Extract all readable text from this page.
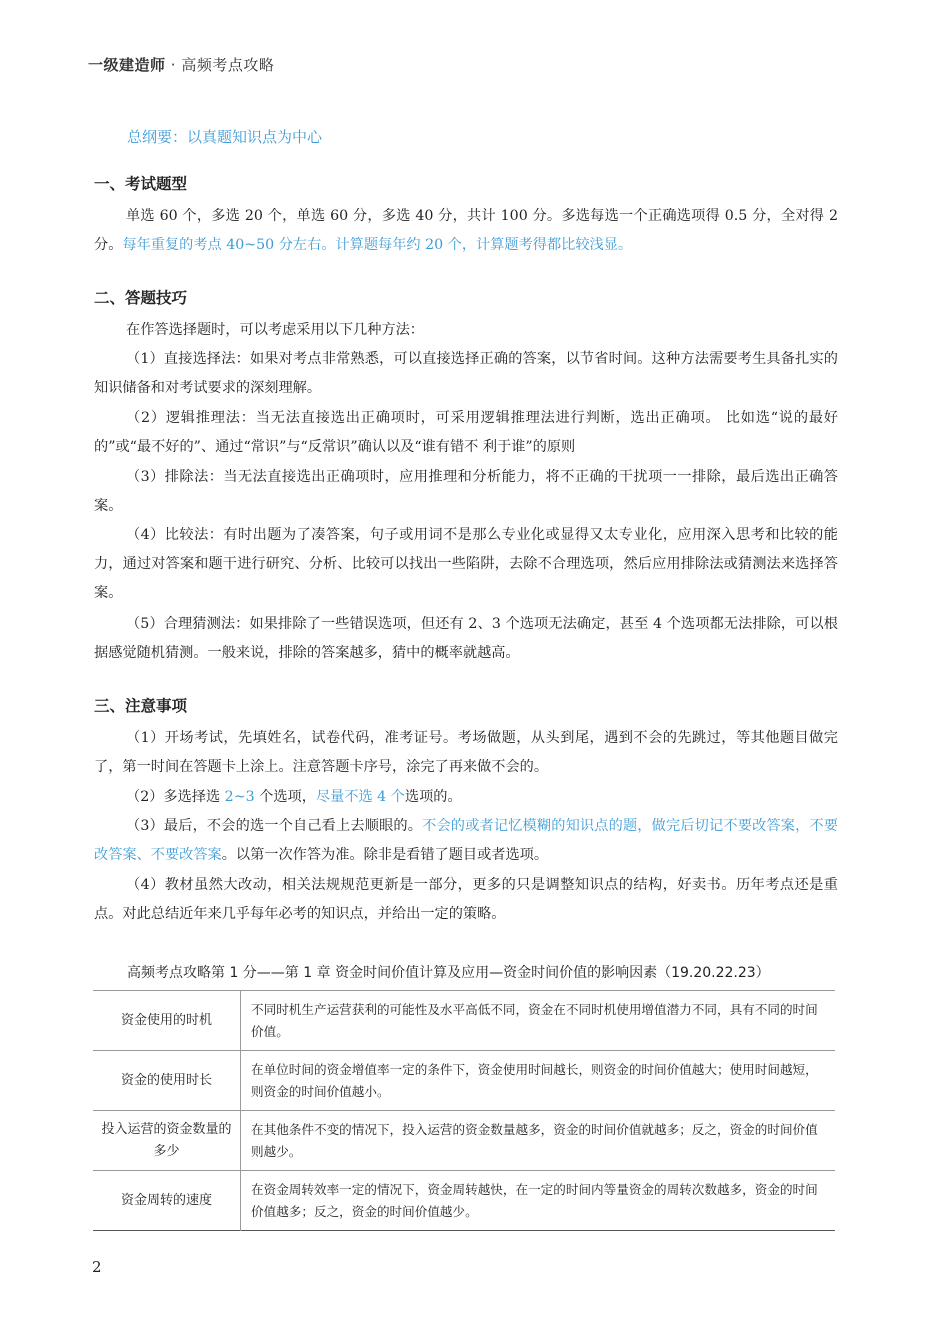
一级建造师 · 高频考点攻略
总纲要：以真题知识点为中心
一、考试题型

单选 60 个，多选 20 个，单选 60 分，多选 40 分，共计 100 分。多选每选一个正确选项得 0.5 分，全对得 2 分。每年重复的考点 40~50 分左右。计算题每年约 20 个，计算题考得都比较浅显。

二、答题技巧

在作答选择题时，可以考虑采用以下几种方法：

（1）直接选择法：如果对考点非常熟悉，可以直接选择正确的答案，以节省时间。这种方法需要考生具备扎实的知识储备和对考试要求的深刻理解。

（2）逻辑推理法：当无法直接选出正确项时，可采用逻辑推理法进行判断，选出正确项。 比如选“说的最好的”或“最不好的”、通过“常识”与“反常识”确认以及“谁有错不 利于谁”的原则

（3）排除法：当无法直接选出正确项时，应用推理和分析能力，将不正确的干扰项一一排除，最后选出正确答案。

（4）比较法：有时出题为了凑答案，句子或用词不是那么专业化或显得又太专业化，应用深入思考和比较的能力，通过对答案和题干进行研究、分析、比较可以找出一些陷阱，去除不合理选项，然后应用排除法或猜测法来选择答案。

（5）合理猜测法：如果排除了一些错误选项，但还有 2、3 个选项无法确定，甚至 4 个选项都无法排除，可以根据感觉随机猜测。一般来说，排除的答案越多，猜中的概率就越高。

三、注意事项

（1）开场考试，先填姓名，试卷代码，准考证号。考场做题，从头到尾，遇到不会的先跳过，等其他题目做完了，第一时间在答题卡上涂上。注意答题卡序号，涂完了再来做不会的。

（2）多选择选 2~3 个选项，尽量不选 4 个选项的。

（3）最后，不会的选一个自己看上去顺眼的。不会的或者记忆模糊的知识点的题，做完后切记不要改答案，不要改答案、不要改答案。以第一次作答为准。除非是看错了题目或者选项。

（4）教材虽然大改动，相关法规规范更新是一部分，更多的只是调整知识点的结构，好卖书。历年考点还是重点。对此总结近年来几乎每年必考的知识点，并给出一定的策略。

高频考点攻略第 1 分——第 1 章 资金时间价值计算及应用—资金时间价值的影响因素（19.20.22.23）
资金使用的时机	不同时机生产运营获利的可能性及水平高低不同，资金在不同时机使用增值潜力不同，具有不同的时间价值。
资金的使用时长	在单位时间的资金增值率一定的条件下，资金使用时间越长，则资金的时间价值越大；使用时间越短，则资金的时间价值越小。
投入运营的资金数量的多少	在其他条件不变的情况下，投入运营的资金数量越多，资金的时间价值就越多；反之，资金的时间价值则越少。
资金周转的速度	在资金周转效率一定的情况下，资金周转越快，在一定的时间内等量资金的周转次数越多，资金的时间价值越多；反之，资金的时间价值越少。
2
